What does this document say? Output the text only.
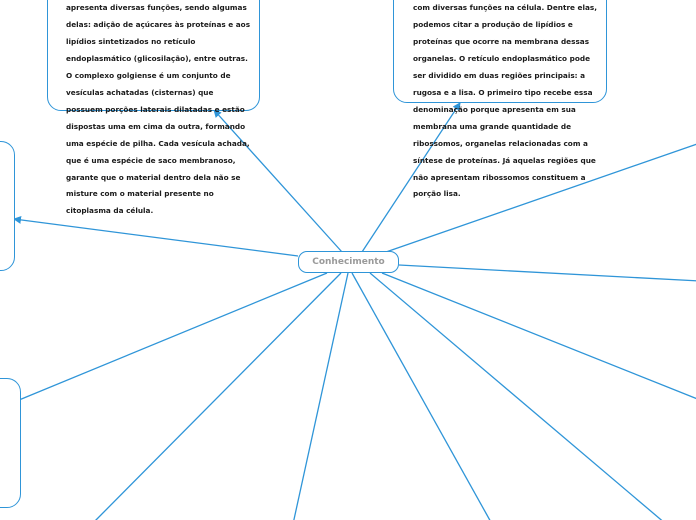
apresenta diversas funções, sendo algumas

delas: adição de açúcares às proteínas e aos

lipídios sintetizados no retículo

endoplasmático (glicosilação), entre outras.

O complexo golgiense é um conjunto de

vesículas achatadas (cisternas) que

possuem porções laterais dilatadas e estão

dispostas uma em cima da outra, formando

uma espécie de pilha. Cada vesícula achada,

que é uma espécie de saco membranoso,

garante que o material dentro dela não se

misture com o material presente no

citoplasma da célula.

com diversas funções na célula. Dentre elas,

podemos citar a produção de lipídios e

proteínas que ocorre na membrana dessas

organelas. O retículo endoplasmático pode

ser dividido em duas regiões principais: a

rugosa e a lisa. O primeiro tipo recebe essa

denominação porque apresenta em sua

membrana uma grande quantidade de

ribossomos, organelas relacionadas com a

síntese de proteínas. Já aquelas regiões que

não apresentam ribossomos constituem a

porção lisa.

Conhecimento
